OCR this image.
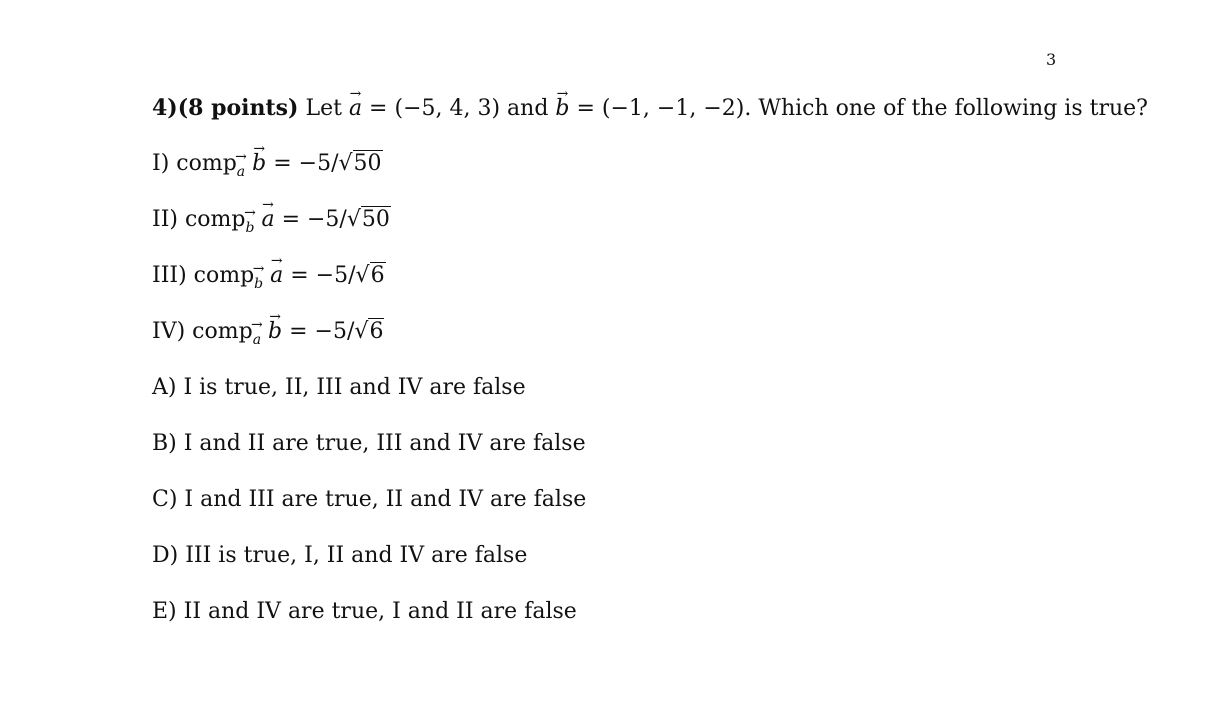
3
4)(8 points) Let → a = (−5, 4, 3) and → b = (−1, −1, −2). Which one of the following is true?
I) comp→ a → b = −5/√50
II) comp→ b → a = −5/√50
III) comp→ b → a = −5/√6
IV) comp→ a → b = −5/√6
A) I is true, II, III and IV are false
B) I and II are true, III and IV are false
C) I and III are true, II and IV are false
D) III is true, I, II and IV are false
E) II and IV are true, I and II are false
